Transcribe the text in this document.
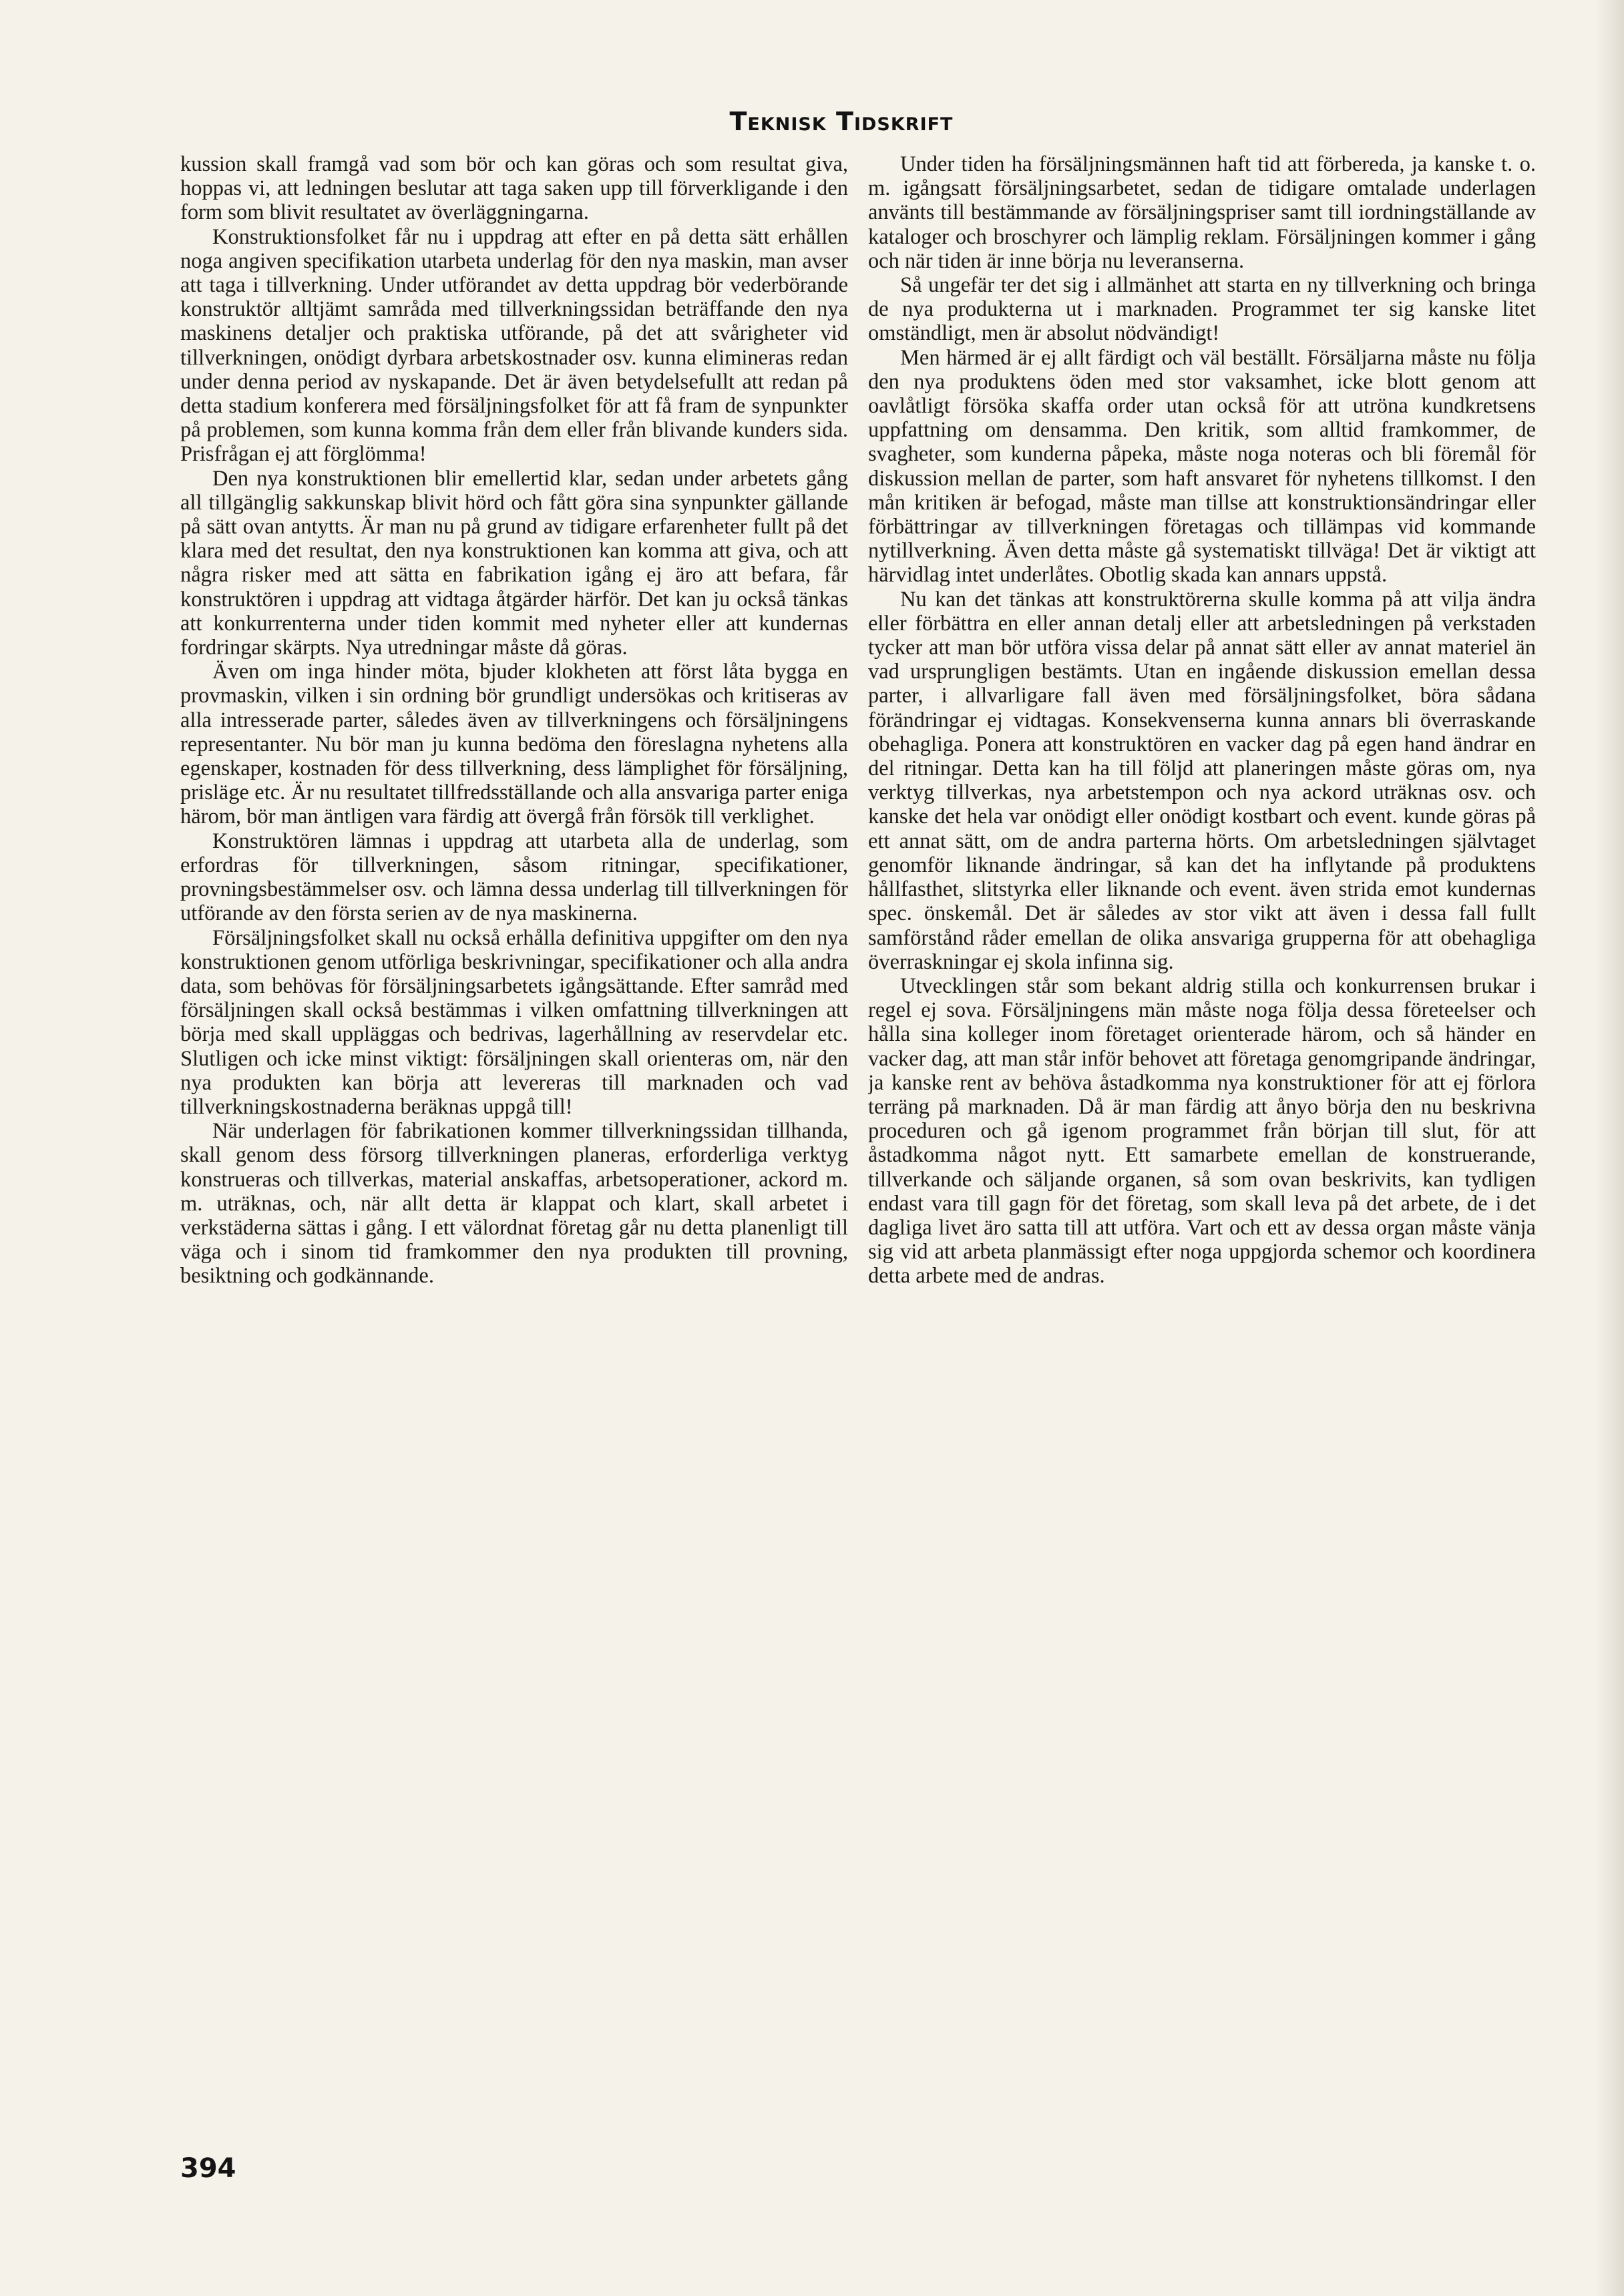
Teknisk Tidskrift

kussion skall framgå vad som bör och kan göras och som resultat giva, hoppas vi, att ledningen beslutar att taga saken upp till förverkligande i den form som blivit resultatet av överläggningarna.

Konstruktionsfolket får nu i uppdrag att efter en på detta sätt erhållen noga angiven specifikation utarbeta underlag för den nya maskin, man avser att taga i tillverkning. Under utförandet av detta uppdrag bör vederbörande konstruktör alltjämt samråda med tillverkningssidan beträffande den nya maskinens detaljer och praktiska utförande, på det att svårigheter vid tillverkningen, onödigt dyrbara arbetskostnader osv. kunna elimineras redan under denna period av nyskapande. Det är även betydelsefullt att redan på detta stadium konferera med försäljningsfolket för att få fram de synpunkter på problemen, som kunna komma från dem eller från blivande kunders sida. Prisfrågan ej att förglömma!

Den nya konstruktionen blir emellertid klar, sedan under arbetets gång all tillgänglig sakkunskap blivit hörd och fått göra sina synpunkter gällande på sätt ovan antytts. Är man nu på grund av tidigare erfarenheter fullt på det klara med det resultat, den nya konstruktionen kan komma att giva, och att några risker med att sätta en fabrikation igång ej äro att befara, får konstruktören i uppdrag att vidtaga åtgärder härför. Det kan ju också tänkas att konkurrenterna under tiden kommit med nyheter eller att kundernas fordringar skärpts. Nya utredningar måste då göras.

Även om inga hinder möta, bjuder klokheten att först låta bygga en provmaskin, vilken i sin ordning bör grundligt undersökas och kritiseras av alla intresserade parter, således även av tillverkningens och försäljningens representanter. Nu bör man ju kunna bedöma den föreslagna nyhetens alla egenskaper, kostnaden för dess tillverkning, dess lämplighet för försäljning, prisläge etc. Är nu resultatet tillfredsställande och alla ansvariga parter eniga härom, bör man äntligen vara färdig att övergå från försök till verklighet.

Konstruktören lämnas i uppdrag att utarbeta alla de underlag, som erfordras för tillverkningen, såsom ritningar, specifikationer, provningsbestämmelser osv. och lämna dessa underlag till tillverkningen för utförande av den första serien av de nya maskinerna.

Försäljningsfolket skall nu också erhålla definitiva uppgifter om den nya konstruktionen genom utförliga beskrivningar, specifikationer och alla andra data, som behövas för försäljningsarbetets igångsättande. Efter samråd med försäljningen skall också bestämmas i vilken omfattning tillverkningen att börja med skall uppläggas och bedrivas, lagerhållning av reservdelar etc. Slutligen och icke minst viktigt: försäljningen skall orienteras om, när den nya produkten kan börja att levereras till marknaden och vad tillverkningskostnaderna beräknas uppgå till!

När underlagen för fabrikationen kommer tillverkningssidan tillhanda, skall genom dess försorg tillverkningen planeras, erforderliga verktyg konstrueras och tillverkas, material anskaffas, arbetsoperationer, ackord m. m. uträknas, och, när allt detta är klappat och klart, skall arbetet i verkstäderna sättas i gång. I ett välordnat företag går nu detta planenligt till väga och i sinom tid framkommer den nya produkten till provning, besiktning och godkännande.

Under tiden ha försäljningsmännen haft tid att förbereda, ja kanske t. o. m. igångsatt försäljningsarbetet, sedan de tidigare omtalade underlagen använts till bestämmande av försäljningspriser samt till iordningställande av kataloger och broschyrer och lämplig reklam. Försäljningen kommer i gång och när tiden är inne börja nu leveranserna.

Så ungefär ter det sig i allmänhet att starta en ny tillverkning och bringa de nya produkterna ut i marknaden. Programmet ter sig kanske litet omständligt, men är absolut nödvändigt!

Men härmed är ej allt färdigt och väl beställt. Försäljarna måste nu följa den nya produktens öden med stor vaksamhet, icke blott genom att oavlåtligt försöka skaffa order utan också för att utröna kundkretsens uppfattning om densamma. Den kritik, som alltid framkommer, de svagheter, som kunderna påpeka, måste noga noteras och bli föremål för diskussion mellan de parter, som haft ansvaret för nyhetens tillkomst. I den mån kritiken är befogad, måste man tillse att konstruktionsändringar eller förbättringar av tillverkningen företagas och tillämpas vid kommande nytillverkning. Även detta måste gå systematiskt tillväga! Det är viktigt att härvidlag intet underlåtes. Obotlig skada kan annars uppstå.

Nu kan det tänkas att konstruktörerna skulle komma på att vilja ändra eller förbättra en eller annan detalj eller att arbetsledningen på verkstaden tycker att man bör utföra vissa delar på annat sätt eller av annat materiel än vad ursprungligen bestämts. Utan en ingående diskussion emellan dessa parter, i allvarligare fall även med försäljningsfolket, böra sådana förändringar ej vidtagas. Konsekvenserna kunna annars bli överraskande obehagliga. Ponera att konstruktören en vacker dag på egen hand ändrar en del ritningar. Detta kan ha till följd att planeringen måste göras om, nya verktyg tillverkas, nya arbetstempon och nya ackord uträknas osv. och kanske det hela var onödigt eller onödigt kostbart och event. kunde göras på ett annat sätt, om de andra parterna hörts. Om arbetsledningen självtaget genomför liknande ändringar, så kan det ha inflytande på produktens hållfasthet, slitstyrka eller liknande och event. även strida emot kundernas spec. önskemål. Det är således av stor vikt att även i dessa fall fullt samförstånd råder emellan de olika ansvariga grupperna för att obehagliga överraskningar ej skola infinna sig.

Utvecklingen står som bekant aldrig stilla och konkurrensen brukar i regel ej sova. Försäljningens män måste noga följa dessa företeelser och hålla sina kolleger inom företaget orienterade härom, och så händer en vacker dag, att man står inför behovet att företaga genomgripande ändringar, ja kanske rent av behöva åstadkomma nya konstruktioner för att ej förlora terräng på marknaden. Då är man färdig att ånyo börja den nu beskrivna proceduren och gå igenom programmet från början till slut, för att åstadkomma något nytt. Ett samarbete emellan de konstruerande, tillverkande och säljande organen, så som ovan beskrivits, kan tydligen endast vara till gagn för det företag, som skall leva på det arbete, de i det dagliga livet äro satta till att utföra. Vart och ett av dessa organ måste vänja sig vid att arbeta planmässigt efter noga uppgjorda schemor och koordinera detta arbete med de andras.

394
